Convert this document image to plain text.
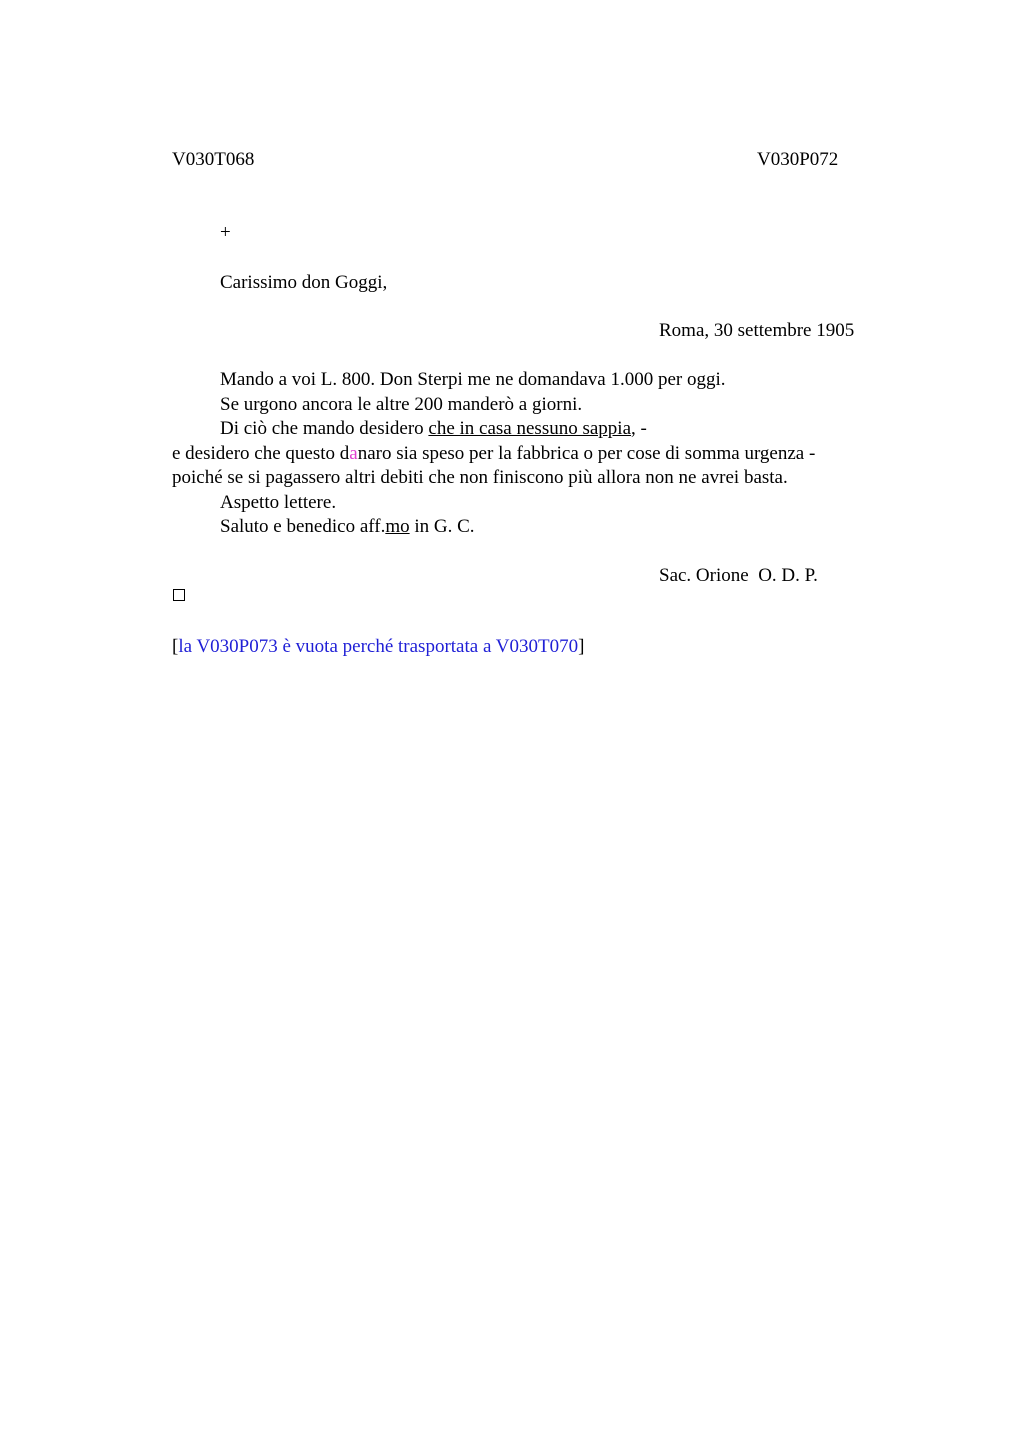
V030T068	V030P072
+
Carissimo don Goggi,
Roma, 30 settembre 1905
Mando a voi L. 800. Don Sterpi me ne domandava 1.000 per oggi.
Se urgono ancora le altre 200 manderò a giorni.
Di ciò che mando desidero che in casa nessuno sappia, -
e desidero che questo danaro sia speso per la fabbrica o per cose di somma urgenza -
poiché se si pagassero altri debiti che non finiscono più allora non ne avrei basta.
Aspetto lettere.
Saluto e benedico aff.mo in G. C.
Sac. Orione  O. D. P.
[la V030P073 è vuota perché trasportata a V030T070]
